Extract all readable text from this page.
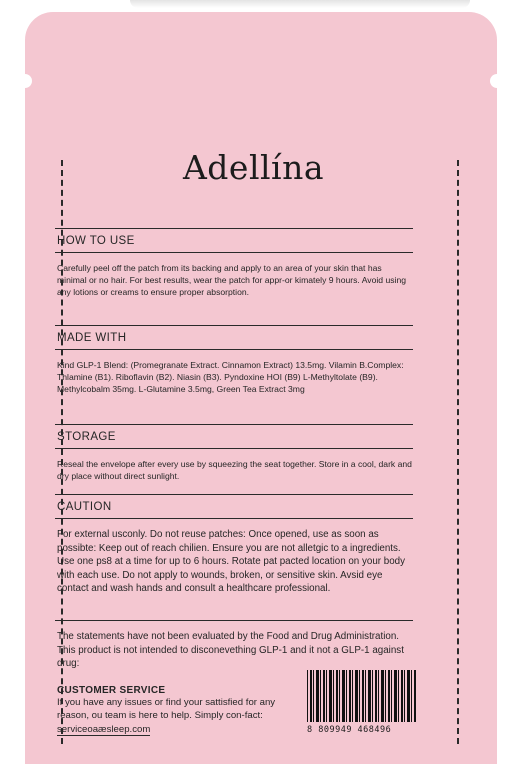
Adellína
HOW TO USE
Carefully peel off the patch from its backing and apply to an area of your skin that has minimal or no hair. For best results, wear the patch for appr-or kimately 9 hours. Avoid using any lotions or creams to ensure proper absorption.
MADE WITH
Kind GLP-1 Blend: (Promegranate Extract. Cinnamon Extract) 13.5mg. Vilamin B.Complex: Thlamine (B1). Riboflavin (B2). Niasin (B3). Pyndoxine HOI (B9) L-Methyltolate (B9). Methylcobalm 35mg. L-Glutamine 3.5mg, Green Tea Extract 3mg
STORAGE
Reseal the envelope after every use by squeezing the seat together. Store in a cool, dark and dry place without direct sunlight.
CAUTION
For external usconly. Do not reuse patches: Once opened, use as soon as possibte: Keep out of reach chilien. Ensure you are not alletgic to a ingredients. Use one ps8 at a time for up to 6 hours. Rotate pat pacted location on your body with each use. Do not apply to wounds, broken, or sensitive skin. Avsid eye contact and wash hands and consult a healthcare professional.
The statements have not been evaluated by the Food and Drug Administration. This product is not intended to disconevething GLP-1 and it not a GLP-1 against drug:
CUSTOMER SERVICE
If you have any issues or find your sattisfied for any reason, ou team is here to help. Simply con-fact: serviceoaæsleep.com	8 809949 468496
